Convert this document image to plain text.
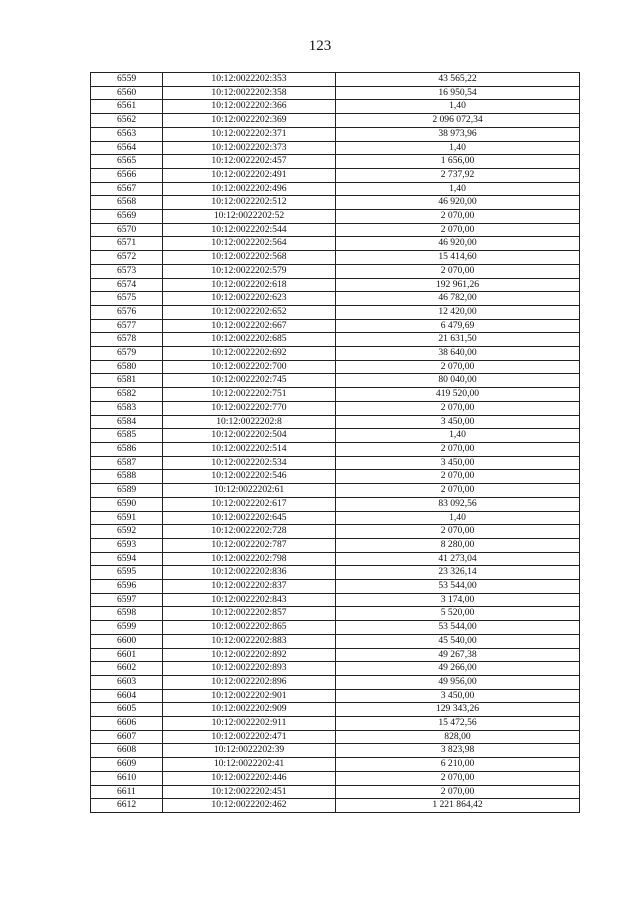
123
6559	10:12:0022202:353	43 565,22
6560	10:12:0022202:358	16 950,54
6561	10:12:0022202:366	1,40
6562	10:12:0022202:369	2 096 072,34
6563	10:12:0022202:371	38 973,96
6564	10:12:0022202:373	1,40
6565	10:12:0022202:457	1 656,00
6566	10:12:0022202:491	2 737,92
6567	10:12:0022202:496	1,40
6568	10:12:0022202:512	46 920,00
6569	10:12:0022202:52	2 070,00
6570	10:12:0022202:544	2 070,00
6571	10:12:0022202:564	46 920,00
6572	10:12:0022202:568	15 414,60
6573	10:12:0022202:579	2 070,00
6574	10:12:0022202:618	192 961,26
6575	10:12:0022202:623	46 782,00
6576	10:12:0022202:652	12 420,00
6577	10:12:0022202:667	6 479,69
6578	10:12:0022202:685	21 631,50
6579	10:12:0022202:692	38 640,00
6580	10:12:0022202:700	2 070,00
6581	10:12:0022202:745	80 040,00
6582	10:12:0022202:751	419 520,00
6583	10:12:0022202:770	2 070,00
6584	10:12:0022202:8	3 450,00
6585	10:12:0022202:504	1,40
6586	10:12:0022202:514	2 070,00
6587	10:12:0022202:534	3 450,00
6588	10:12:0022202:546	2 070,00
6589	10:12:0022202:61	2 070,00
6590	10:12:0022202:617	83 092,56
6591	10:12:0022202:645	1,40
6592	10:12:0022202:728	2 070,00
6593	10:12:0022202:787	8 280,00
6594	10:12:0022202:798	41 273,04
6595	10:12:0022202:836	23 326,14
6596	10:12:0022202:837	53 544,00
6597	10:12:0022202:843	3 174,00
6598	10:12:0022202:857	5 520,00
6599	10:12:0022202:865	53 544,00
6600	10:12:0022202:883	45 540,00
6601	10:12:0022202:892	49 267,38
6602	10:12:0022202:893	49 266,00
6603	10:12:0022202:896	49 956,00
6604	10:12:0022202:901	3 450,00
6605	10:12:0022202:909	129 343,26
6606	10:12:0022202:911	15 472,56
6607	10:12:0022202:471	828,00
6608	10:12:0022202:39	3 823,98
6609	10:12:0022202:41	6 210,00
6610	10:12:0022202:446	2 070,00
6611	10:12:0022202:451	2 070,00
6612	10:12:0022202:462	1 221 864,42
